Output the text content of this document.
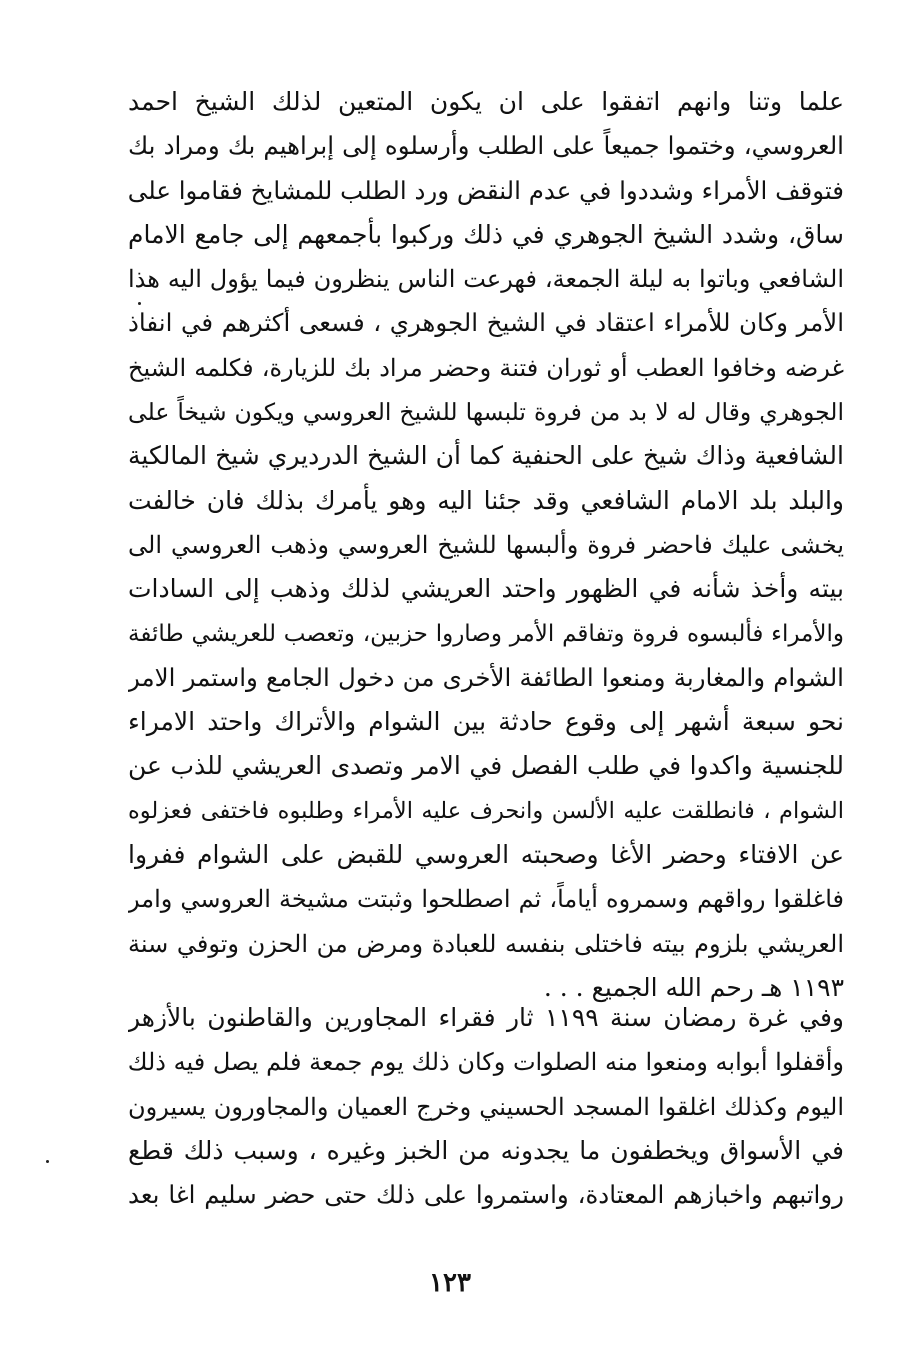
علما وتنا وانهم اتفقوا على ان يكون المتعين لذلك الشيخ احمد
العروسي، وختموا جميعاً على الطلب وأرسلوه إلى إبراهيم بك ومراد بك
فتوقف الأمراء وشددوا في عدم النقض ورد الطلب للمشايخ فقاموا على
ساق، وشدد الشيخ الجوهري في ذلك وركبوا بأجمعهم إلى جامع الامام
الشافعي وباتوا به ليلة الجمعة، فهرعت الناس ينظرون فيما يؤول اليه هذا
الأمر وكان للأمراء اعتقاد في الشيخ الجوهري ، فسعى أكثرهم في انفاذ
غرضه وخافوا العطب أو ثوران فتنة وحضر مراد بك للزيارة، فكلمه الشيخ
الجوهري وقال له لا بد من فروة تلبسها للشيخ العروسي ويكون شيخاً على
الشافعية وذاك شيخ على الحنفية كما أن الشيخ الدرديري شيخ المالكية
والبلد بلد الامام الشافعي وقد جئنا اليه وهو يأمرك بذلك فان خالفت
يخشى عليك فاحضر فروة وألبسها للشيخ العروسي وذهب العروسي الى
بيته وأخذ شأنه في الظهور واحتد العريشي لذلك وذهب إلى السادات
والأمراء فألبسوه فروة وتفاقم الأمر وصاروا حزبين، وتعصب للعريشي طائفة
الشوام والمغاربة ومنعوا الطائفة الأخرى من دخول الجامع واستمر الامر
نحو سبعة أشهر إلى وقوع حادثة بين الشوام والأتراك واحتد الامراء
للجنسية واكدوا في طلب الفصل في الامر وتصدى العريشي للذب عن
الشوام ، فانطلقت عليه الألسن وانحرف عليه الأمراء وطلبوه فاختفى فعزلوه
عن الافتاء وحضر الأغا وصحبته العروسي للقبض على الشوام ففروا
فاغلقوا رواقهم وسمروه أياماً، ثم اصطلحوا وثبتت مشيخة العروسي وامر
العريشي بلزوم بيته فاختلى بنفسه للعبادة ومرض من الحزن وتوفي سنة
١١٩٣ هـ رحم الله الجميع . . .
وفي غرة رمضان سنة ١١٩٩ ثار فقراء المجاورين والقاطنون بالأزهر
وأقفلوا أبوابه ومنعوا منه الصلوات وكان ذلك يوم جمعة فلم يصل فيه ذلك
اليوم وكذلك اغلقوا المسجد الحسيني وخرج العميان والمجاورون يسيرون
في الأسواق ويخطفون ما يجدونه من الخبز وغيره ، وسبب ذلك قطع
رواتبهم واخبازهم المعتادة، واستمروا على ذلك حتى حضر سليم اغا بعد
١٢٣
